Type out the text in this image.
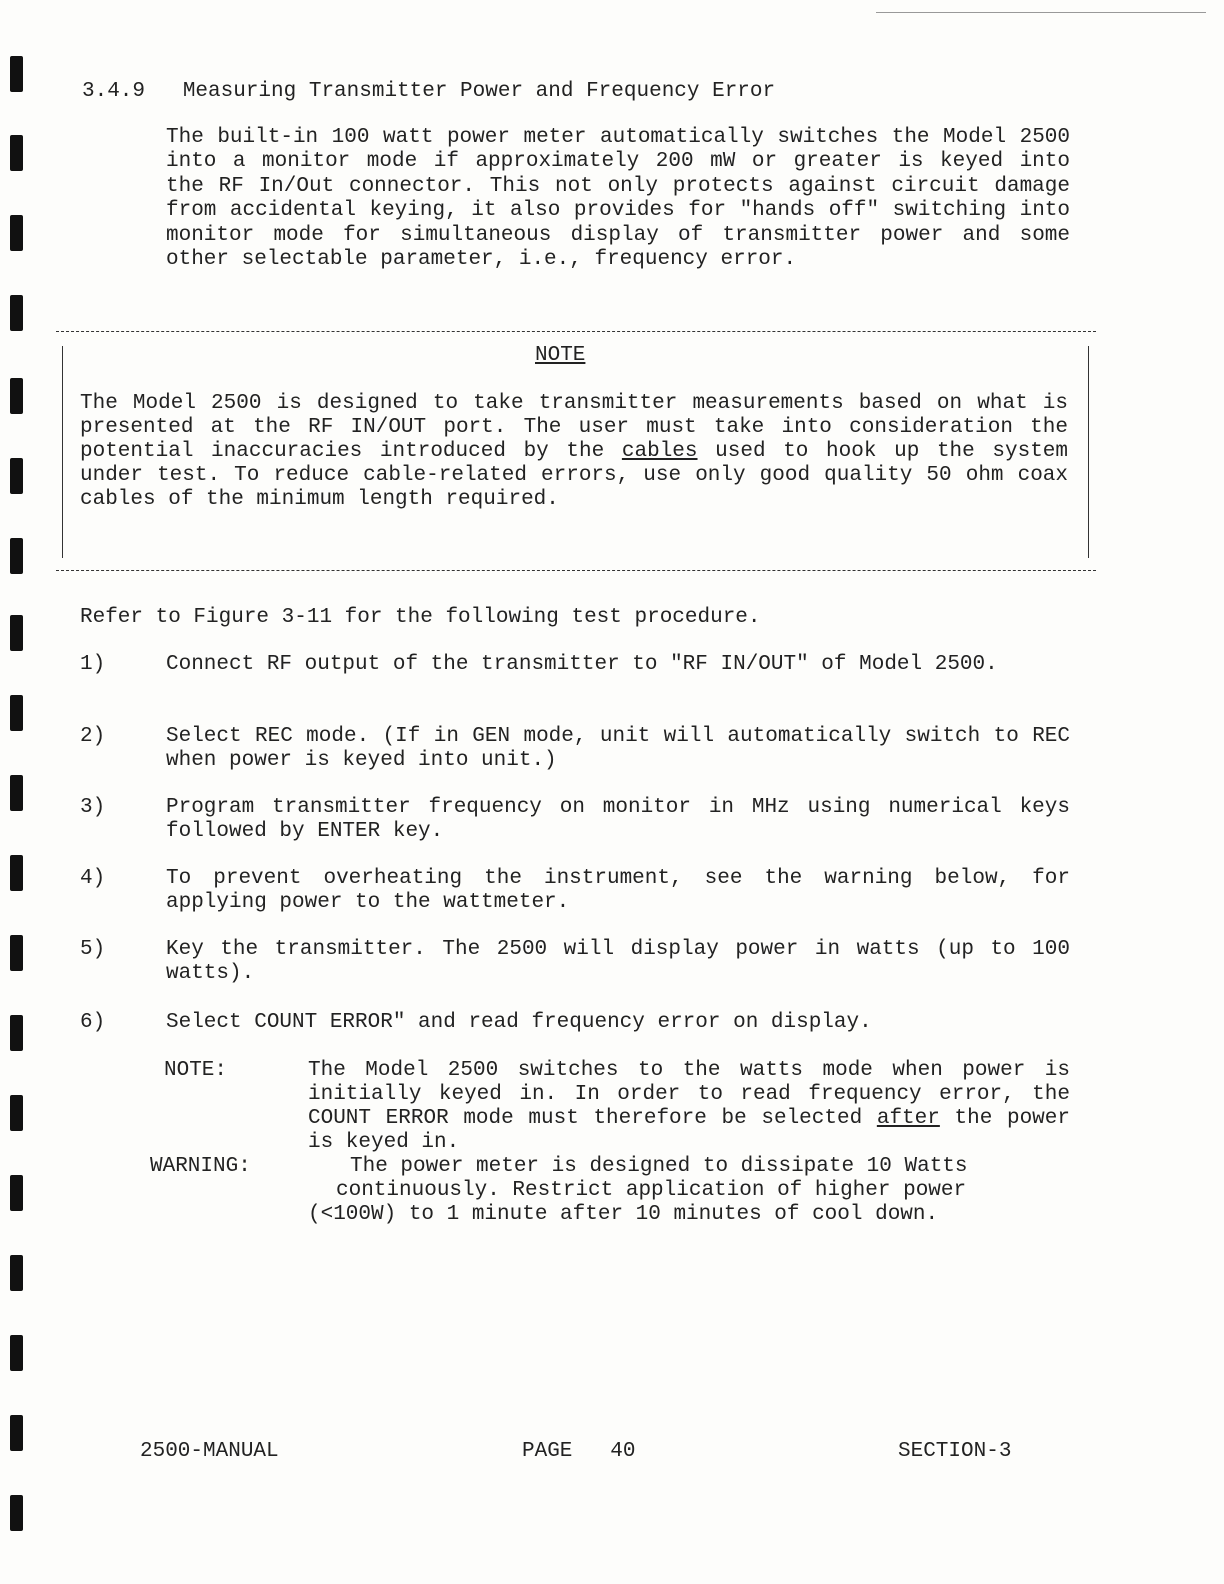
3.4.9   Measuring Transmitter Power and Frequency Error
The built-in 100 watt power meter automatically switches the Model 2500 into a monitor mode if approximately 200 mW or greater is keyed into the RF In/Out connector. This not only protects against circuit damage from accidental keying, it also provides for "hands off" switching into monitor mode for simultaneous display of transmitter power and some other selectable parameter, i.e., frequency error.
NOTE
The Model 2500 is designed to take transmitter measurements based on what is presented at the RF IN/OUT port. The user must take into consideration the potential inaccuracies introduced by the cables used to hook up the system under test. To reduce cable-related errors, use only good quality 50 ohm coax cables of the minimum length required.
Refer to Figure 3-11 for the following test procedure.
1)	Connect RF output of the transmitter to "RF IN/OUT" of Model 2500.
2)	Select REC mode. (If in GEN mode, unit will automatically switch to REC when power is keyed into unit.)
3)	Program transmitter frequency on monitor in MHz using numerical keys followed by ENTER key.
4)	To prevent overheating the instrument, see the warning below, for applying power to the wattmeter.
5)	Key the transmitter. The 2500 will display power in watts (up to 100 watts).
6)	Select COUNT ERROR" and read frequency error on display.
NOTE:	The Model 2500 switches to the watts mode when power is initially keyed in. In order to read frequency error, the COUNT ERROR mode must therefore be selected after the power is keyed in.
WARNING:	The power meter is designed to dissipate 10 Watts
continuously. Restrict application of higher power
(<100W) to 1 minute after 10 minutes of cool down.
2500-MANUAL	PAGE   40	SECTION-3
